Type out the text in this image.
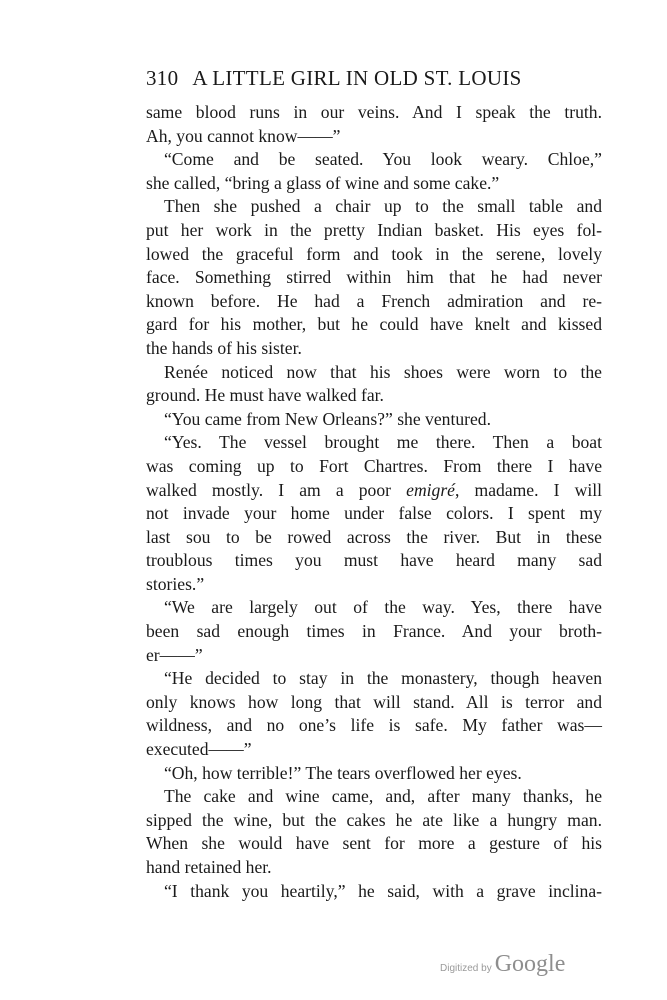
310 A LITTLE GIRL IN OLD ST. LOUIS
same blood runs in our veins. And I speak the truth.
Ah, you cannot know——”
“Come and be seated. You look weary. Chloe,”
she called, “bring a glass of wine and some cake.”
Then she pushed a chair up to the small table and
put her work in the pretty Indian basket. His eyes fol-
lowed the graceful form and took in the serene, lovely
face. Something stirred within him that he had never
known before. He had a French admiration and re-
gard for his mother, but he could have knelt and kissed
the hands of his sister.
Renée noticed now that his shoes were worn to the
ground. He must have walked far.
“You came from New Orleans?” she ventured.
“Yes. The vessel brought me there. Then a boat
was coming up to Fort Chartres. From there I have
walked mostly. I am a poor emigré, madame. I will
not invade your home under false colors. I spent my
last sou to be rowed across the river. But in these
troublous times you must have heard many sad
stories.”
“We are largely out of the way. Yes, there have
been sad enough times in France. And your broth-
er——”
“He decided to stay in the monastery, though heaven
only knows how long that will stand. All is terror and
wildness, and no one’s life is safe. My father was—
executed——”
“Oh, how terrible!” The tears overflowed her eyes.
The cake and wine came, and, after many thanks, he
sipped the wine, but the cakes he ate like a hungry man.
When she would have sent for more a gesture of his
hand retained her.
“I thank you heartily,” he said, with a grave inclina-
Digitized by Google
